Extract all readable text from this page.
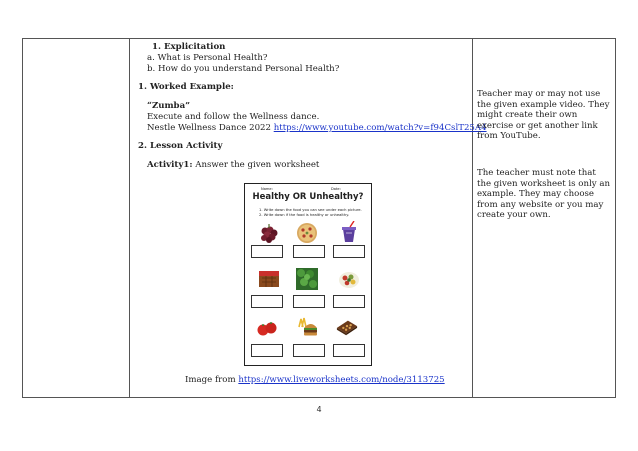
1. Explicitation
a. What is Personal Health?
b. How do you understand Personal Health?
1. Worked Example:
“Zumba”
Execute and follow the Wellness dance.
Nestle Wellness Dance 2022 https://www.youtube.com/watch?v=f94CslT25A4
2. Lesson Activity
Activity1: Answer the given worksheet
Name:	Date:
Healthy OR Unhealthy?
1. Write down the food you can see under each picture.
2. Write down if the food is healthy or unhealthy.
Image from https://www.liveworksheets.com/node/3113725
Teacher may or may not use the given example video. They might create their own exercise or get another link from YouTube.
The teacher must note that the given worksheet is only an example. They may choose from any website or you may create your own.
4
